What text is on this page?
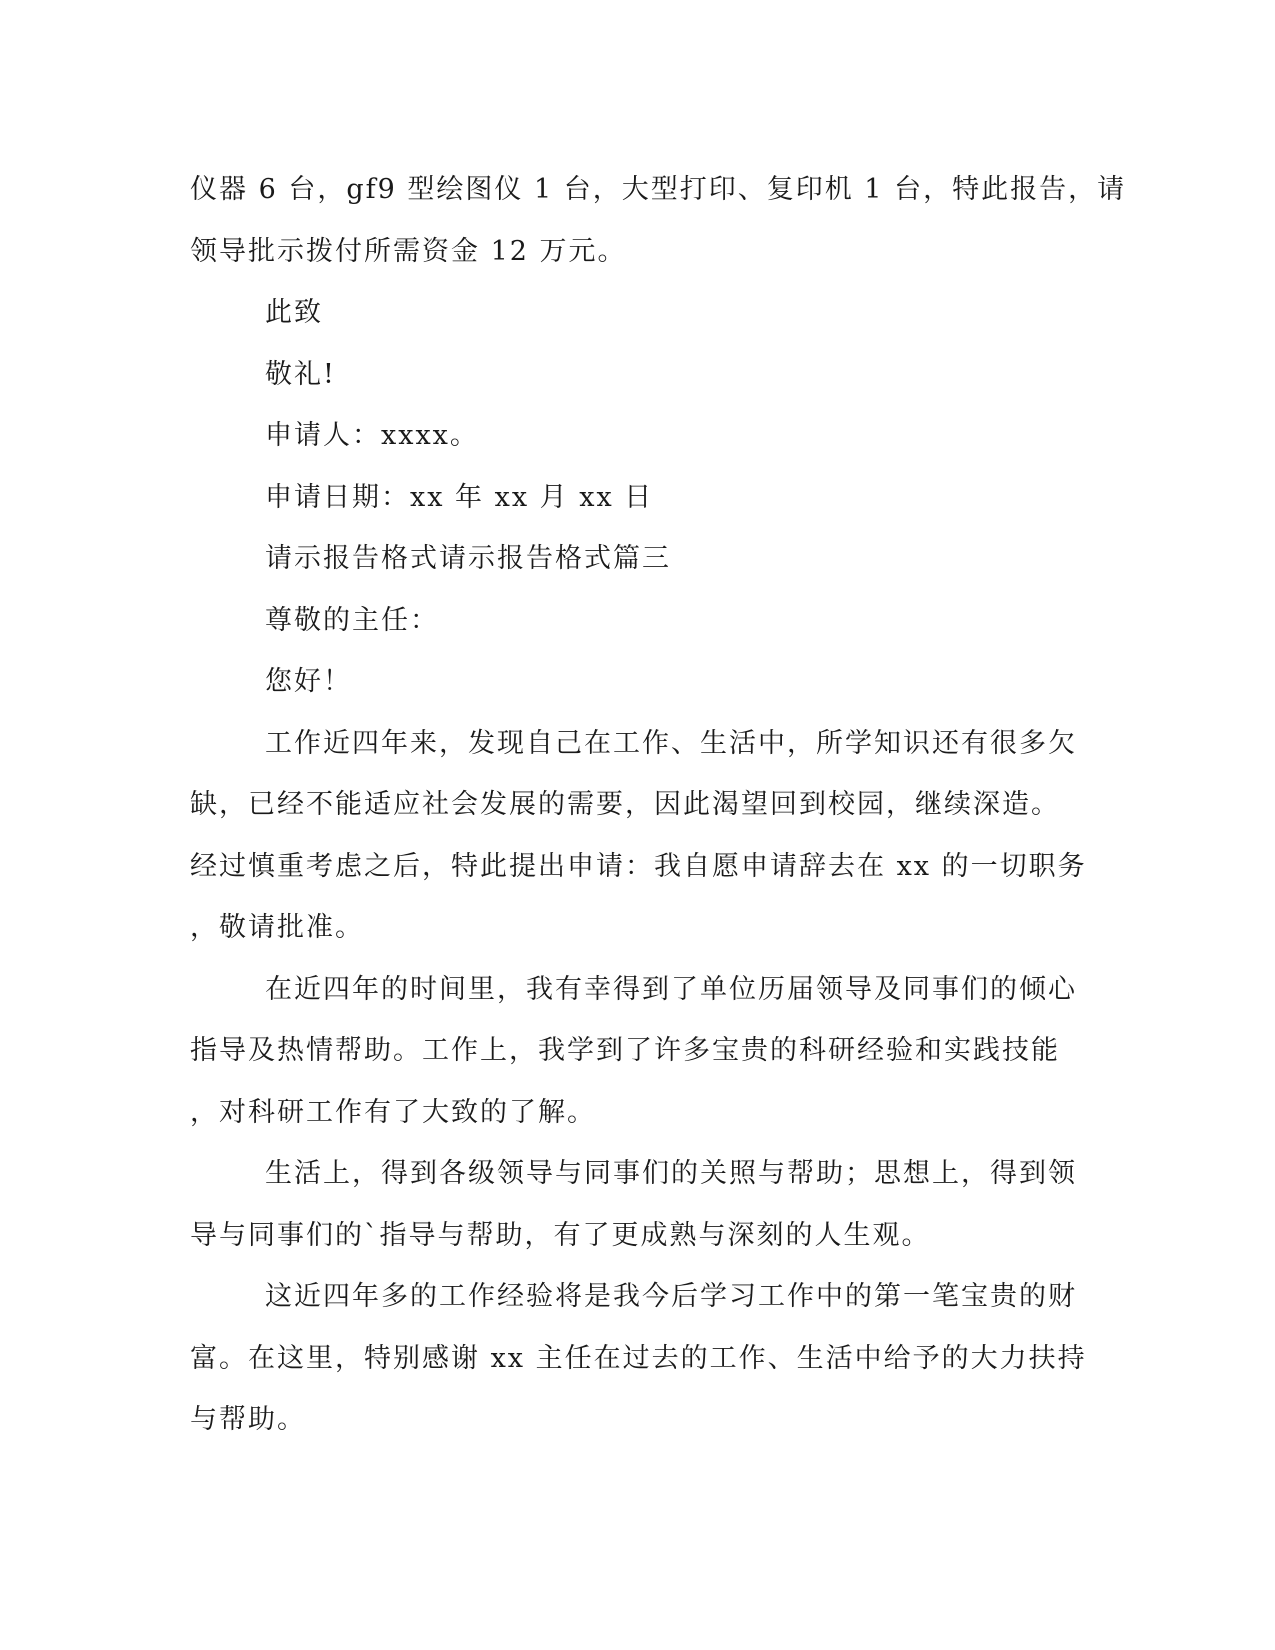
仪器 6 台，gf9 型绘图仪 1 台，大型打印、复印机 1 台，特此报告，请
领导批示拨付所需资金 12 万元。

此致

敬礼!

申请人：xxxx。

申请日期：xx 年 xx 月 xx 日

请示报告格式请示报告格式篇三

尊敬的主任：

您好！

工作近四年来，发现自己在工作、生活中，所学知识还有很多欠
缺，已经不能适应社会发展的需要，因此渴望回到校园，继续深造。
经过慎重考虑之后，特此提出申请：我自愿申请辞去在 xx 的一切职务
，敬请批准。

在近四年的时间里，我有幸得到了单位历届领导及同事们的倾心
指导及热情帮助。工作上，我学到了许多宝贵的科研经验和实践技能
，对科研工作有了大致的了解。

生活上，得到各级领导与同事们的关照与帮助；思想上，得到领
导与同事们的`指导与帮助，有了更成熟与深刻的人生观。

这近四年多的工作经验将是我今后学习工作中的第一笔宝贵的财
富。在这里，特别感谢 xx 主任在过去的工作、生活中给予的大力扶持
与帮助。
